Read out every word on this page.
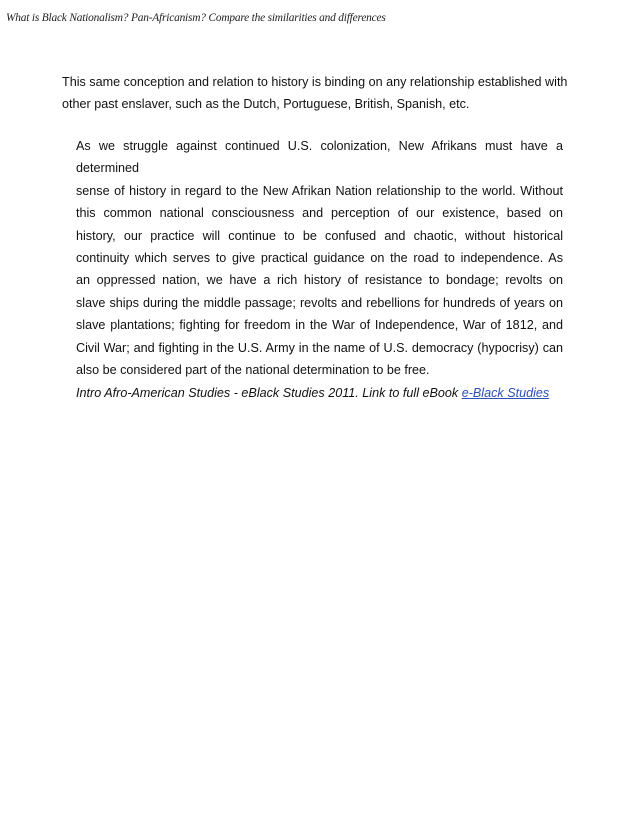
What is Black Nationalism? Pan-Africanism? Compare the similarities and differences
This same conception and relation to history is binding on any relationship established with
other past enslaver, such as the Dutch, Portuguese, British, Spanish, etc.
As we struggle against continued U.S. colonization, New Afrikans must have a determined
sense of history in regard to the New Afrikan Nation relationship to the world. Without
this common national consciousness and perception of our existence, based on
history, our practice will continue to be confused and chaotic, without historical
continuity which serves to give practical guidance on the road to independence. As
an oppressed nation, we have a rich history of resistance to bondage; revolts on
slave ships during the middle passage; revolts and rebellions for hundreds of years on
slave plantations; fighting for freedom in the War of Independence, War of 1812, and
Civil War; and fighting in the U.S. Army in the name of U.S. democracy (hypocrisy) can
also be considered part of the national determination to be free.
Intro Afro-American Studies - eBlack Studies 2011. Link to full eBook e-Black Studies
